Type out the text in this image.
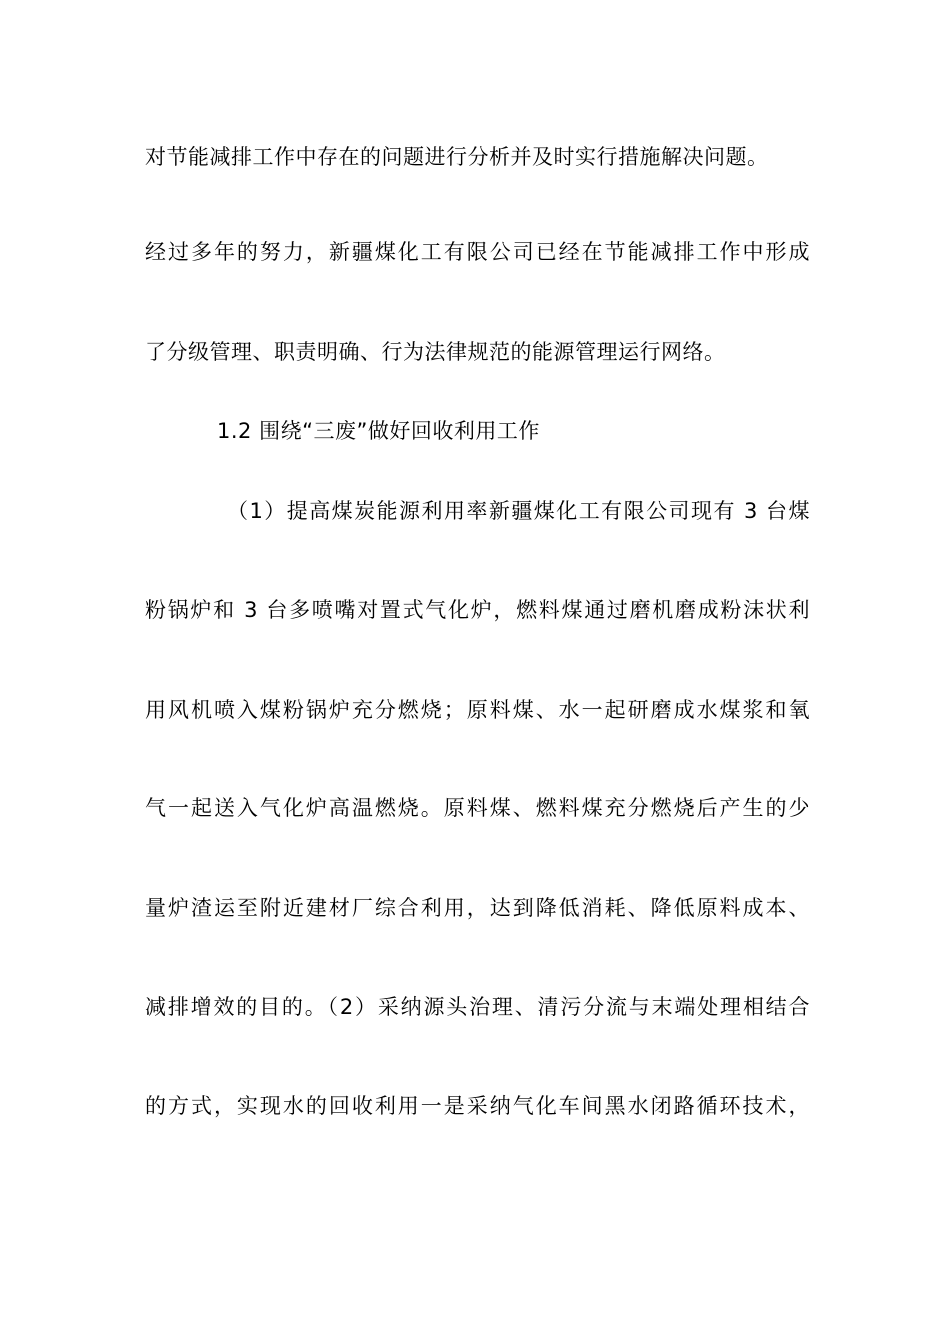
对节能减排工作中存在的问题进行分析并及时实行措施解决问题。
经过多年的努力，新疆煤化工有限公司已经在节能减排工作中形成
了分级管理、职责明确、行为法律规范的能源管理运行网络。
1.2 围绕“三废”做好回收利用工作
（1）提高煤炭能源利用率新疆煤化工有限公司现有 3 台煤
粉锅炉和 3 台多喷嘴对置式气化炉，燃料煤通过磨机磨成粉沫状利
用风机喷入煤粉锅炉充分燃烧；原料煤、水一起研磨成水煤浆和氧
气一起送入气化炉高温燃烧。原料煤、燃料煤充分燃烧后产生的少
量炉渣运至附近建材厂综合利用，达到降低消耗、降低原料成本、
减排增效的目的。（2）采纳源头治理、清污分流与末端处理相结合
的方式，实现水的回收利用一是采纳气化车间黑水闭路循环技术，
